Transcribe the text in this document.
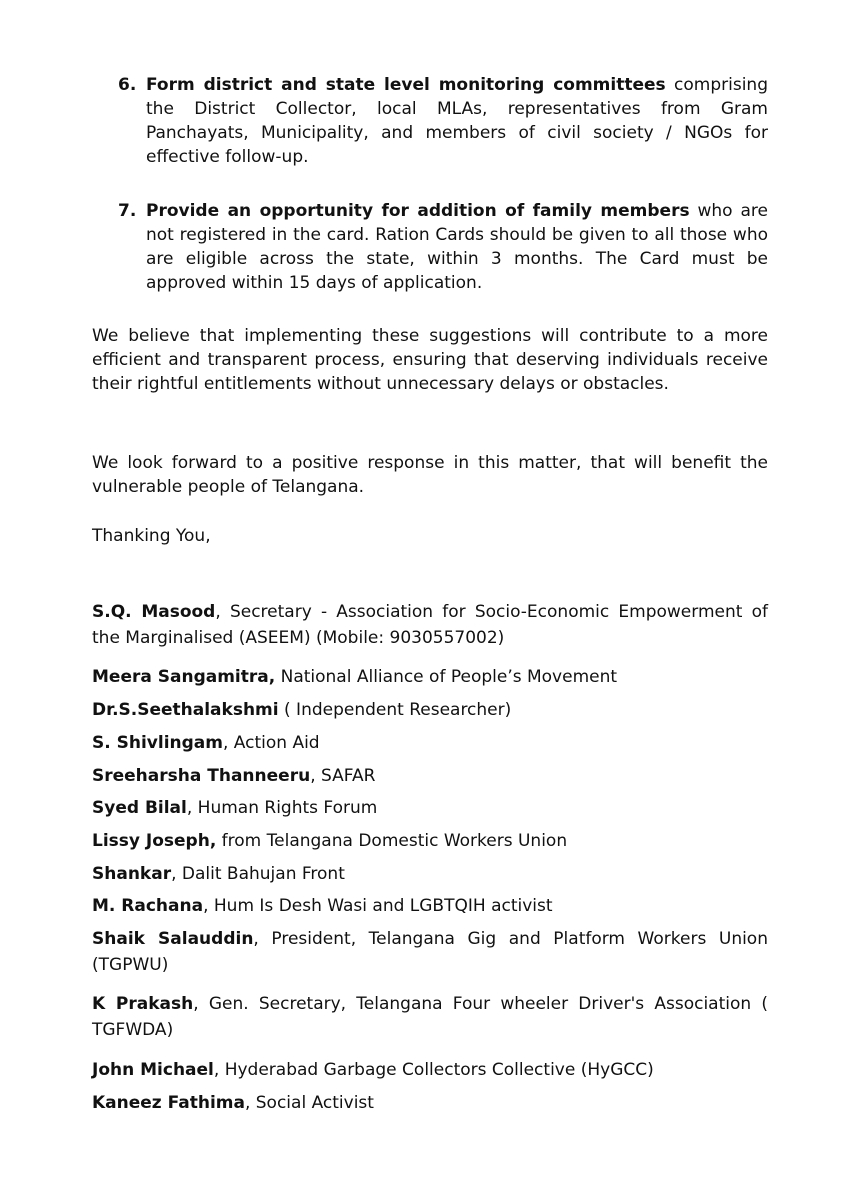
6. Form district and state level monitoring committees comprising the District Collector, local MLAs, representatives from Gram Panchayats, Municipality, and members of civil society / NGOs for effective follow-up.
7. Provide an opportunity for addition of family members who are not registered in the card. Ration Cards should be given to all those who are eligible across the state, within 3 months. The Card must be approved within 15 days of application.
We believe that implementing these suggestions will contribute to a more efficient and transparent process, ensuring that deserving individuals receive their rightful entitlements without unnecessary delays or obstacles.
We look forward to a positive response in this matter, that will benefit the vulnerable people of Telangana.
Thanking You,
S.Q. Masood, Secretary - Association for Socio-Economic Empowerment of the Marginalised (ASEEM) (Mobile: 9030557002)
Meera Sangamitra, National Alliance of People’s Movement
Dr.S.Seethalakshmi ( Independent Researcher)
S. Shivlingam, Action Aid
Sreeharsha Thanneeru, SAFAR
Syed Bilal, Human Rights Forum
Lissy Joseph, from Telangana Domestic Workers Union
Shankar, Dalit Bahujan Front
M. Rachana, Hum Is Desh Wasi and LGBTQIH activist
Shaik Salauddin, President, Telangana Gig and Platform Workers Union (TGPWU)
K Prakash, Gen. Secretary, Telangana Four wheeler Driver's Association ( TGFWDA)
John Michael, Hyderabad Garbage Collectors Collective (HyGCC)
Kaneez Fathima, Social Activist
